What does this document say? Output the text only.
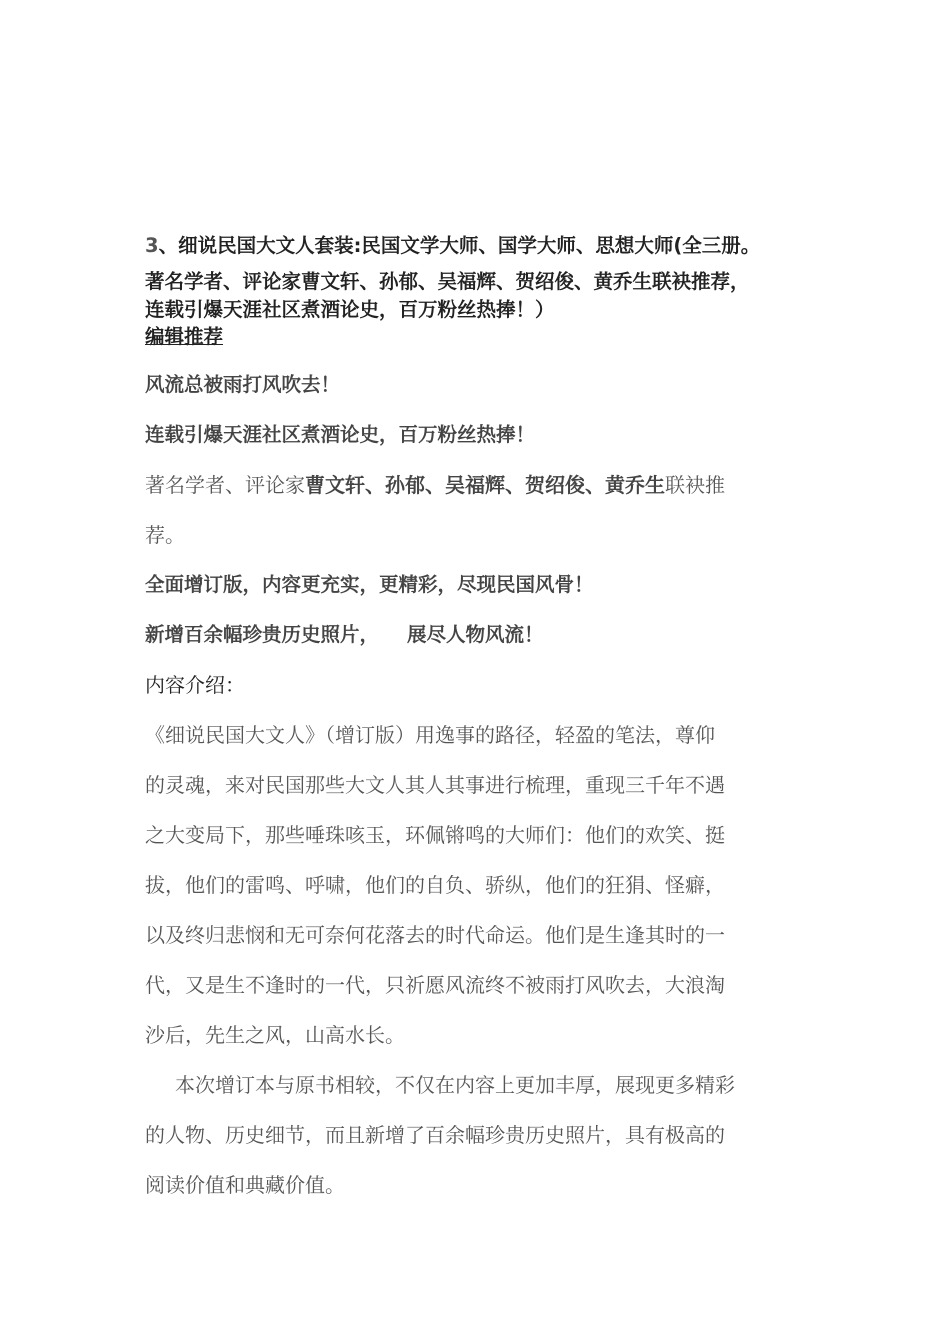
3、细说民国大文人套装:民国文学大师、国学大师、思想大师(全三册。

著名学者、评论家曹文轩、孙郁、吴福辉、贺绍俊、黄乔生联袂推荐，

连载引爆天涯社区煮酒论史，百万粉丝热捧！）

编辑推荐

风流总被雨打风吹去！

连载引爆天涯社区煮酒论史，百万粉丝热捧！

著名学者、评论家曹文轩、孙郁、吴福辉、贺绍俊、黄乔生联袂推

荐。

全面增订版，内容更充实，更精彩，尽现民国风骨！

新增百余幅珍贵历史照片， 展尽人物风流！

内容介绍：

《细说民国大文人》（增订版）用逸事的路径，轻盈的笔法，尊仰

的灵魂，来对民国那些大文人其人其事进行梳理，重现三千年不遇

之大变局下，那些唾珠咳玉，环佩锵鸣的大师们：他们的欢笑、挺

拔，他们的雷鸣、呼啸，他们的自负、骄纵，他们的狂狷、怪癖，

以及终归悲悯和无可奈何花落去的时代命运。他们是生逢其时的一

代，又是生不逢时的一代，只祈愿风流终不被雨打风吹去，大浪淘

沙后，先生之风，山高水长。

本次增订本与原书相较，不仅在内容上更加丰厚，展现更多精彩

的人物、历史细节，而且新增了百余幅珍贵历史照片，具有极高的

阅读价值和典藏价值。
